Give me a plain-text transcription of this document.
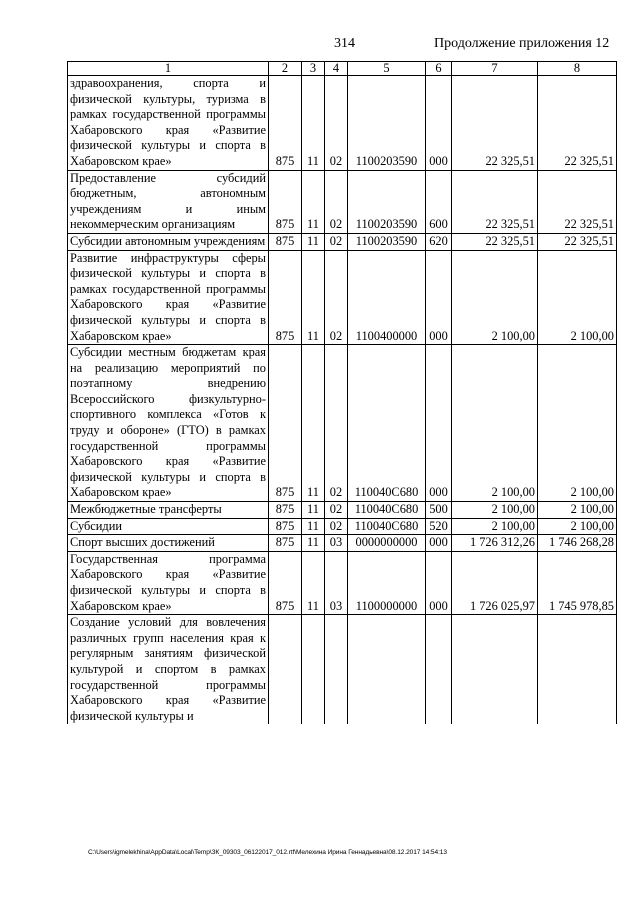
314	Продолжение приложения 12
1	2	3	4	5	6	7	8
здравоохранения, спорта и физической культуры, туризма в рамках государственной программы Хабаровского края «Развитие физической культуры и спорта в Хабаровском крае»	875	11	02	1100203590	000	22 325,51	22 325,51
Предоставление субсидий бюджетным, автономным учреждениям и иным некоммерческим организациям	875	11	02	1100203590	600	22 325,51	22 325,51
Субсидии автономным учреждениям	875	11	02	1100203590	620	22 325,51	22 325,51
Развитие инфраструктуры сферы физической культуры и спорта в рамках государственной программы Хабаровского края «Развитие физической культуры и спорта в Хабаровском крае»	875	11	02	1100400000	000	2 100,00	2 100,00
Субсидии местным бюджетам края на реализацию мероприятий по поэтапному внедрению Всероссийского физкультурно-спортивного комплекса «Готов к труду и обороне» (ГТО) в рамках государственной программы Хабаровского края «Развитие физической культуры и спорта в Хабаровском крае»	875	11	02	110040С680	000	2 100,00	2 100,00
Межбюджетные трансферты	875	11	02	110040С680	500	2 100,00	2 100,00
Субсидии	875	11	02	110040С680	520	2 100,00	2 100,00
Спорт высших достижений	875	11	03	0000000000	000	1 726 312,26	1 746 268,28
Государственная программа Хабаровского края «Развитие физической культуры и спорта в Хабаровском крае»	875	11	03	1100000000	000	1 726 025,97	1 745 978,85
Создание условий для вовлечения различных групп населения края к регулярным занятиям физической культурой и спортом в рамках государственной программы Хабаровского края «Развитие физической культуры и							
C:\Users\igmelekhina\AppData\Local\Temp\ЗК_09303_06122017_012.rtf\Мелехина Ирина Геннадьевна\08.12.2017 14:54:13
